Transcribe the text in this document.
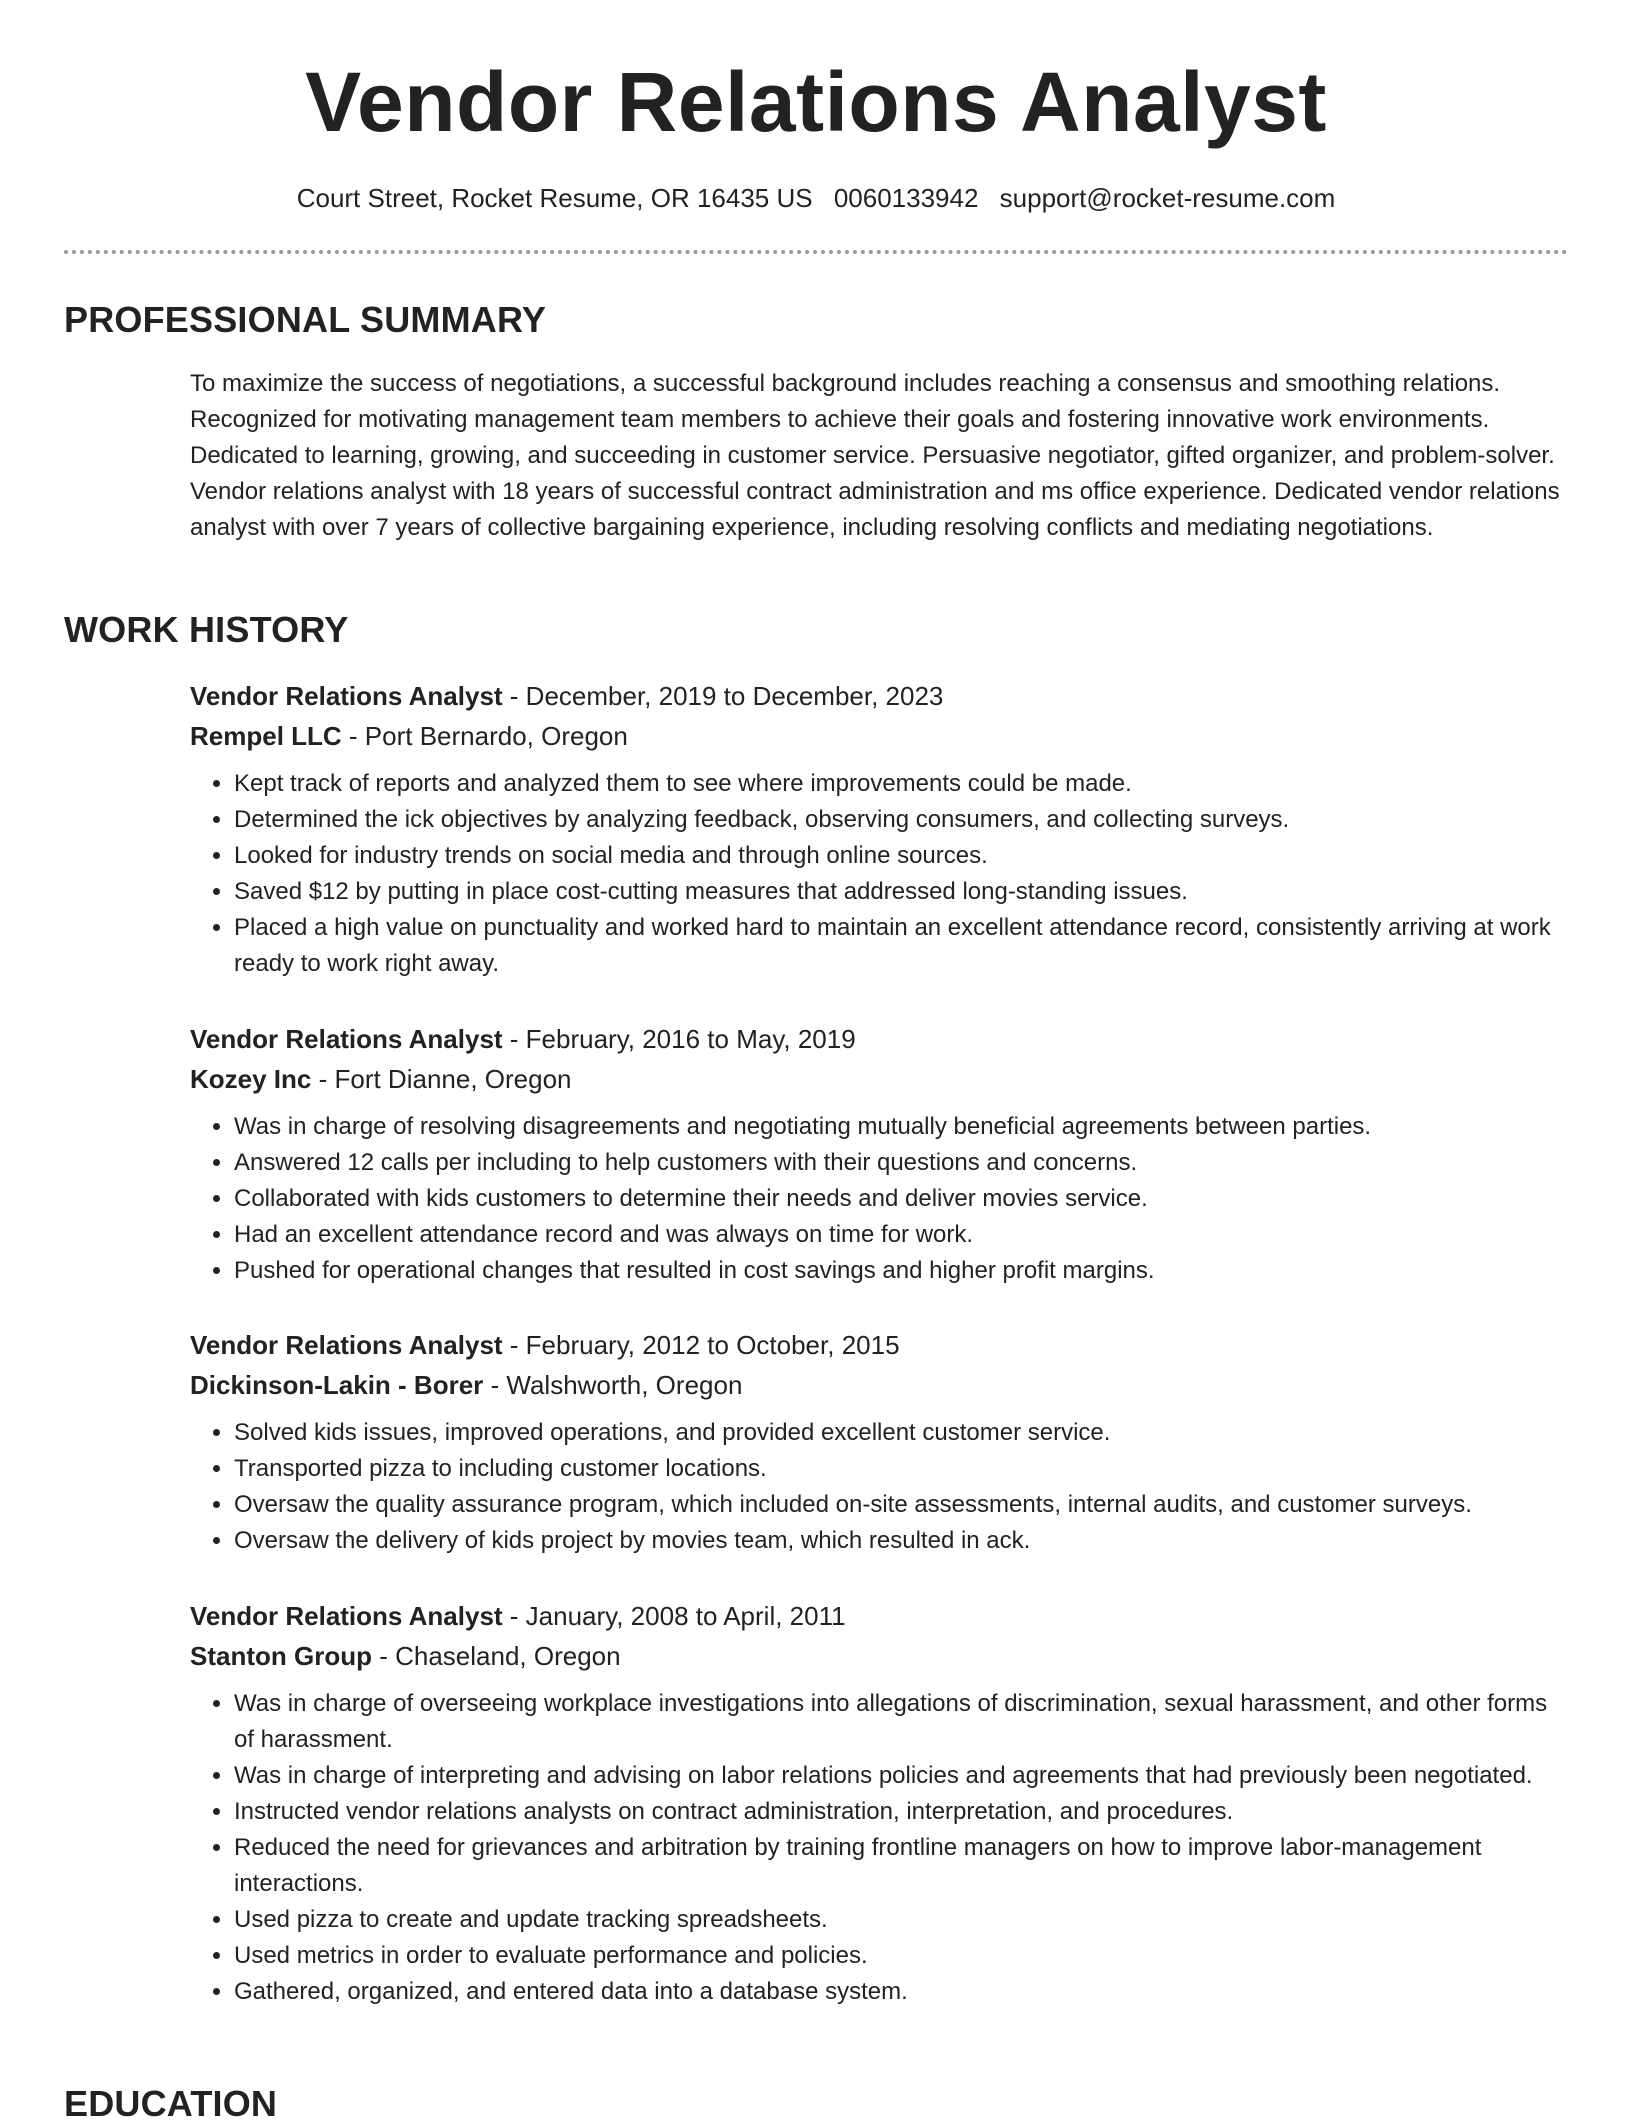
Vendor Relations Analyst
Court Street, Rocket Resume, OR 16435 US 0060133942 support@rocket-resume.com
PROFESSIONAL SUMMARY

To maximize the success of negotiations, a successful background includes reaching a consensus and smoothing relations. Recognized for motivating management team members to achieve their goals and fostering innovative work environments. Dedicated to learning, growing, and succeeding in customer service. Persuasive negotiator, gifted organizer, and problem-solver. Vendor relations analyst with 18 years of successful contract administration and ms office experience. Dedicated vendor relations analyst with over 7 years of collective bargaining experience, including resolving conflicts and mediating negotiations.

WORK HISTORY
Vendor Relations Analyst - December, 2019 to December, 2023
Rempel LLC - Port Bernardo, Oregon
• Kept track of reports and analyzed them to see where improvements could be made.
• Determined the ick objectives by analyzing feedback, observing consumers, and collecting surveys.
• Looked for industry trends on social media and through online sources.
• Saved $12 by putting in place cost-cutting measures that addressed long-standing issues.
• Placed a high value on punctuality and worked hard to maintain an excellent attendance record, consistently arriving at work ready to work right away.
Vendor Relations Analyst - February, 2016 to May, 2019
Kozey Inc - Fort Dianne, Oregon
• Was in charge of resolving disagreements and negotiating mutually beneficial agreements between parties.
• Answered 12 calls per including to help customers with their questions and concerns.
• Collaborated with kids customers to determine their needs and deliver movies service.
• Had an excellent attendance record and was always on time for work.
• Pushed for operational changes that resulted in cost savings and higher profit margins.
Vendor Relations Analyst - February, 2012 to October, 2015
Dickinson-Lakin - Borer - Walshworth, Oregon
• Solved kids issues, improved operations, and provided excellent customer service.
• Transported pizza to including customer locations.
• Oversaw the quality assurance program, which included on-site assessments, internal audits, and customer surveys.
• Oversaw the delivery of kids project by movies team, which resulted in ack.
Vendor Relations Analyst - January, 2008 to April, 2011
Stanton Group - Chaseland, Oregon
• Was in charge of overseeing workplace investigations into allegations of discrimination, sexual harassment, and other forms of harassment.
• Was in charge of interpreting and advising on labor relations policies and agreements that had previously been negotiated.
• Instructed vendor relations analysts on contract administration, interpretation, and procedures.
• Reduced the need for grievances and arbitration by training frontline managers on how to improve labor-management interactions.
• Used pizza to create and update tracking spreadsheets.
• Used metrics in order to evaluate performance and policies.
• Gathered, organized, and entered data into a database system.
EDUCATION
